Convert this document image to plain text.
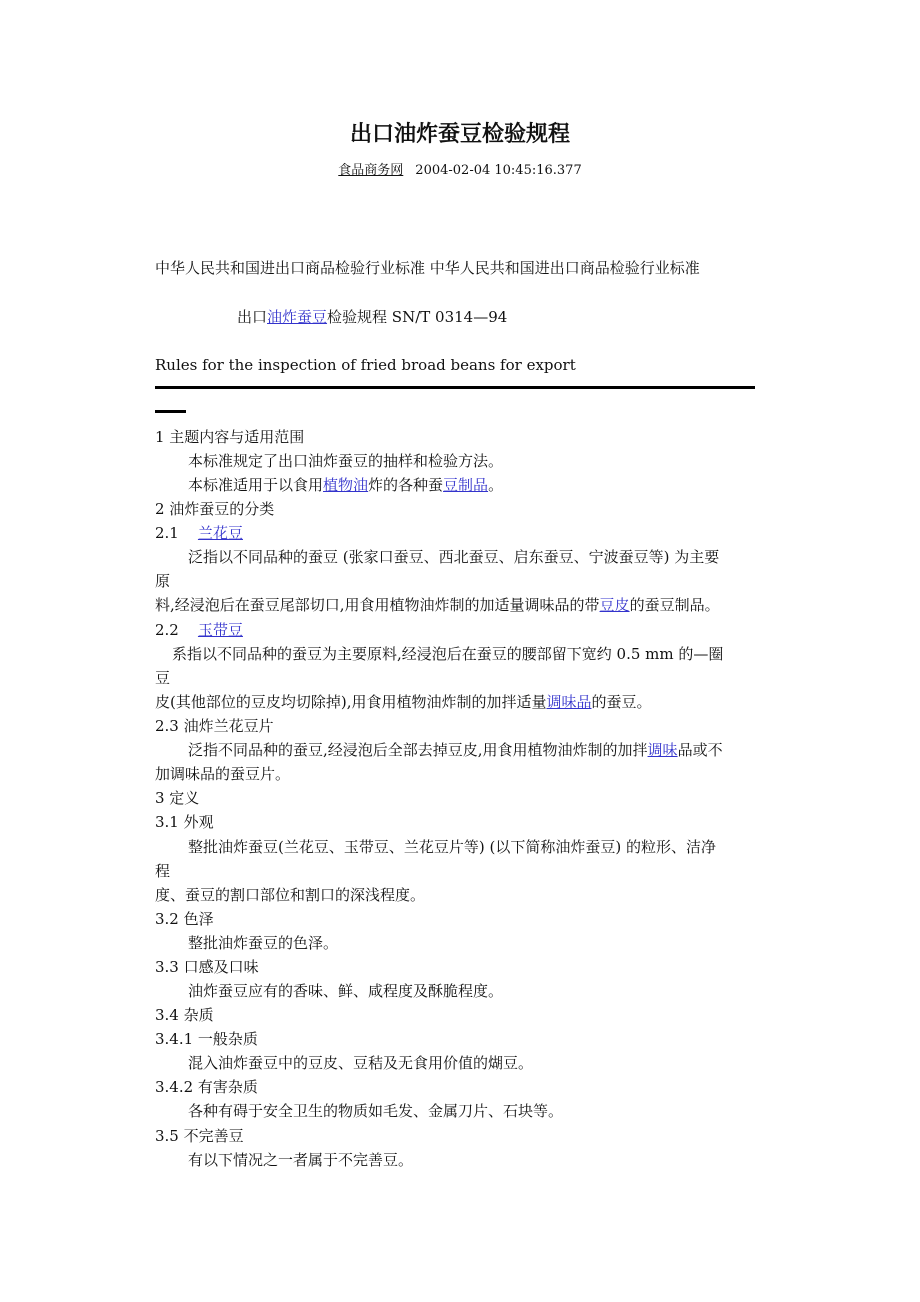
出口油炸蚕豆检验规程
食品商务网 2004-02-04 10:45:16.377
中华人民共和国进出口商品检验行业标准 中华人民共和国进出口商品检验行业标准
出口油炸蚕豆检验规程 SN/T 0314—94
Rules for the inspection of fried broad beans for export
1 主题内容与适用范围
本标准规定了出口油炸蚕豆的抽样和检验方法。
本标准适用于以食用植物油炸的各种蚕豆制品。
2 油炸蚕豆的分类
2.1    兰花豆
泛指以不同品种的蚕豆 (张家口蚕豆、西北蚕豆、启东蚕豆、宁波蚕豆等) 为主要
原
料,经浸泡后在蚕豆尾部切口,用食用植物油炸制的加适量调味品的带豆皮的蚕豆制品。
2.2    玉带豆
系指以不同品种的蚕豆为主要原料,经浸泡后在蚕豆的腰部留下宽约 0.5 mm 的—圈
豆
皮(其他部位的豆皮均切除掉),用食用植物油炸制的加拌适量调味品的蚕豆。
2.3 油炸兰花豆片
泛指不同品种的蚕豆,经浸泡后全部去掉豆皮,用食用植物油炸制的加拌调味品或不
加调味品的蚕豆片。
3 定义
3.1 外观
整批油炸蚕豆(兰花豆、玉带豆、兰花豆片等) (以下简称油炸蚕豆) 的粒形、洁净
程
度、蚕豆的割口部位和割口的深浅程度。
3.2 色泽
整批油炸蚕豆的色泽。
3.3 口感及口味
油炸蚕豆应有的香味、鲜、咸程度及酥脆程度。
3.4 杂质
3.4.1 一般杂质
混入油炸蚕豆中的豆皮、豆秸及无食用价值的煳豆。
3.4.2 有害杂质
各种有碍于安全卫生的物质如毛发、金属刀片、石块等。
3.5 不完善豆
有以下情况之一者属于不完善豆。
